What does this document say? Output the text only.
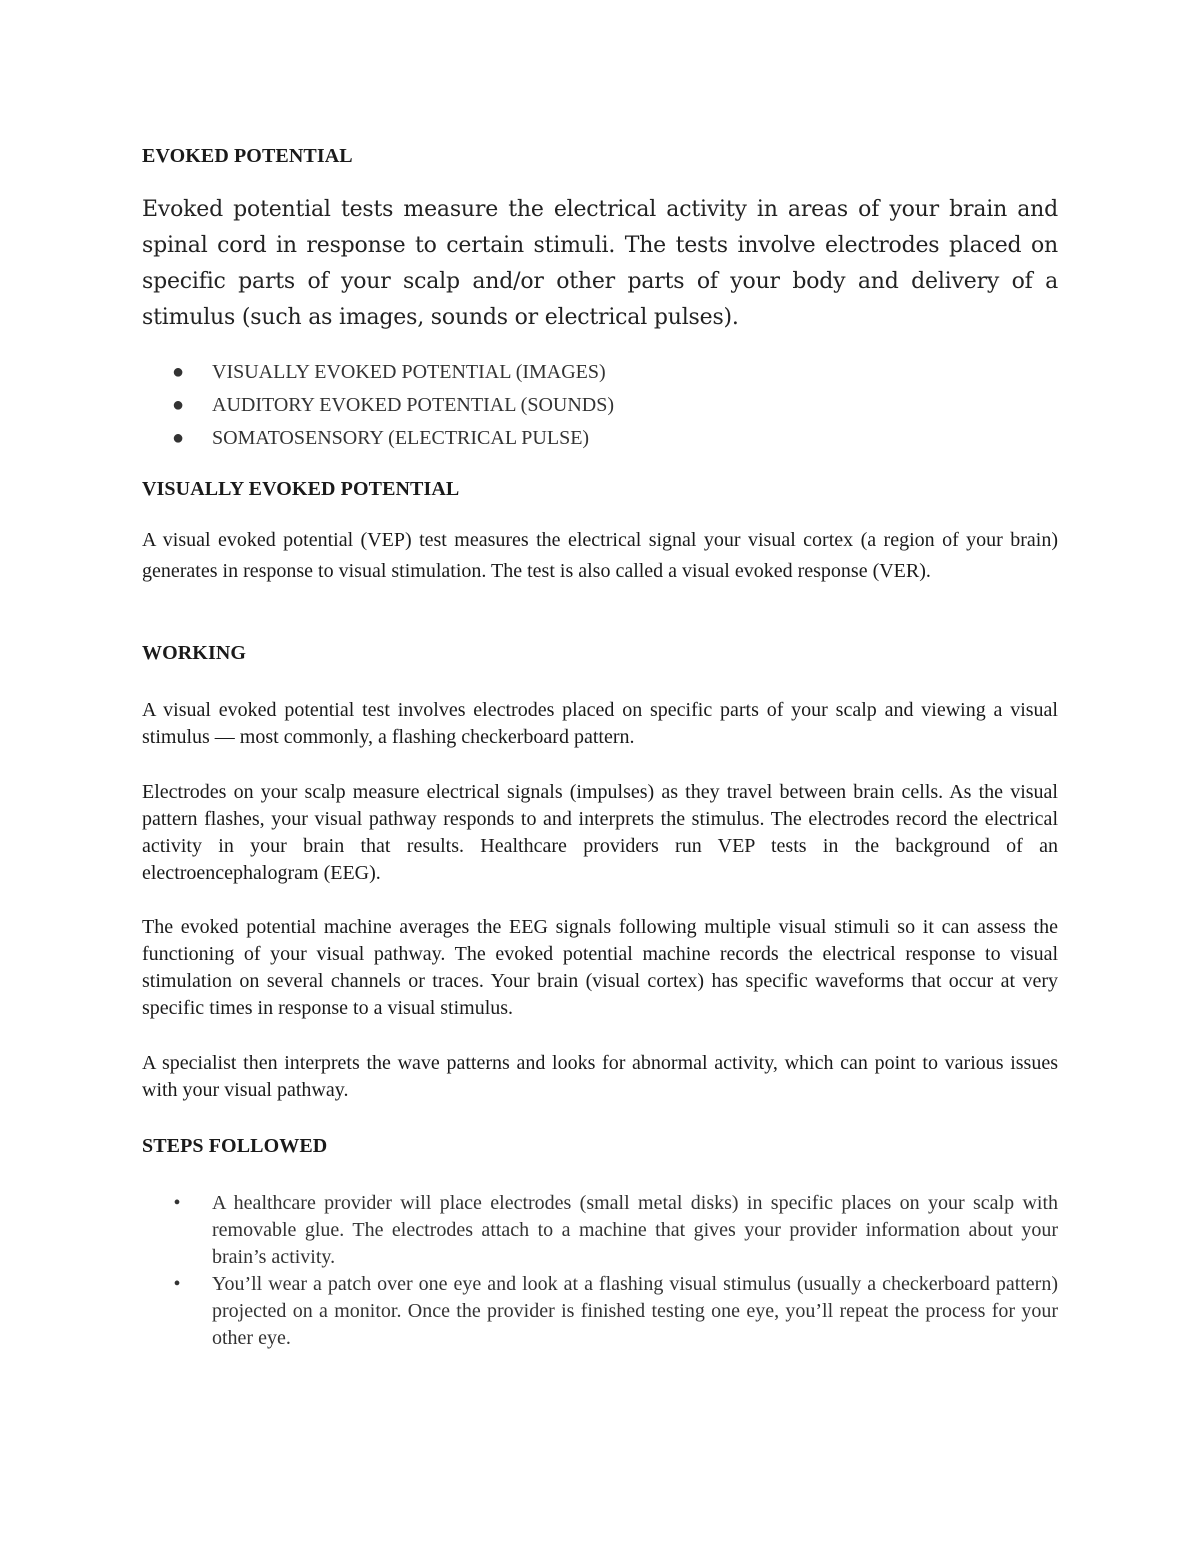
EVOKED POTENTIAL

Evoked potential tests measure the electrical activity in areas of your brain and spinal cord in response to certain stimuli. The tests involve electrodes placed on specific parts of your scalp and/or other parts of your body and delivery of a stimulus (such as images, sounds or electrical pulses).

● VISUALLY EVOKED POTENTIAL (IMAGES)
● AUDITORY EVOKED POTENTIAL (SOUNDS)
● SOMATOSENSORY (ELECTRICAL PULSE)
VISUALLY EVOKED POTENTIAL

A visual evoked potential (VEP) test measures the electrical signal your visual cortex (a region of your brain) generates in response to visual stimulation. The test is also called a visual evoked response (VER).

WORKING

A visual evoked potential test involves electrodes placed on specific parts of your scalp and viewing a visual stimulus — most commonly, a flashing checkerboard pattern.

Electrodes on your scalp measure electrical signals (impulses) as they travel between brain cells. As the visual pattern flashes, your visual pathway responds to and interprets the stimulus. The electrodes record the electrical activity in your brain that results. Healthcare providers run VEP tests in the background of an electroencephalogram (EEG).

The evoked potential machine averages the EEG signals following multiple visual stimuli so it can assess the functioning of your visual pathway. The evoked potential machine records the electrical response to visual stimulation on several channels or traces. Your brain (visual cortex) has specific waveforms that occur at very specific times in response to a visual stimulus.

A specialist then interprets the wave patterns and looks for abnormal activity, which can point to various issues with your visual pathway.

STEPS FOLLOWED
• A healthcare provider will place electrodes (small metal disks) in specific places on your scalp with removable glue. The electrodes attach to a machine that gives your provider information about your brain’s activity.
• You’ll wear a patch over one eye and look at a flashing visual stimulus (usually a checkerboard pattern) projected on a monitor. Once the provider is finished testing one eye, you’ll repeat the process for your other eye.
